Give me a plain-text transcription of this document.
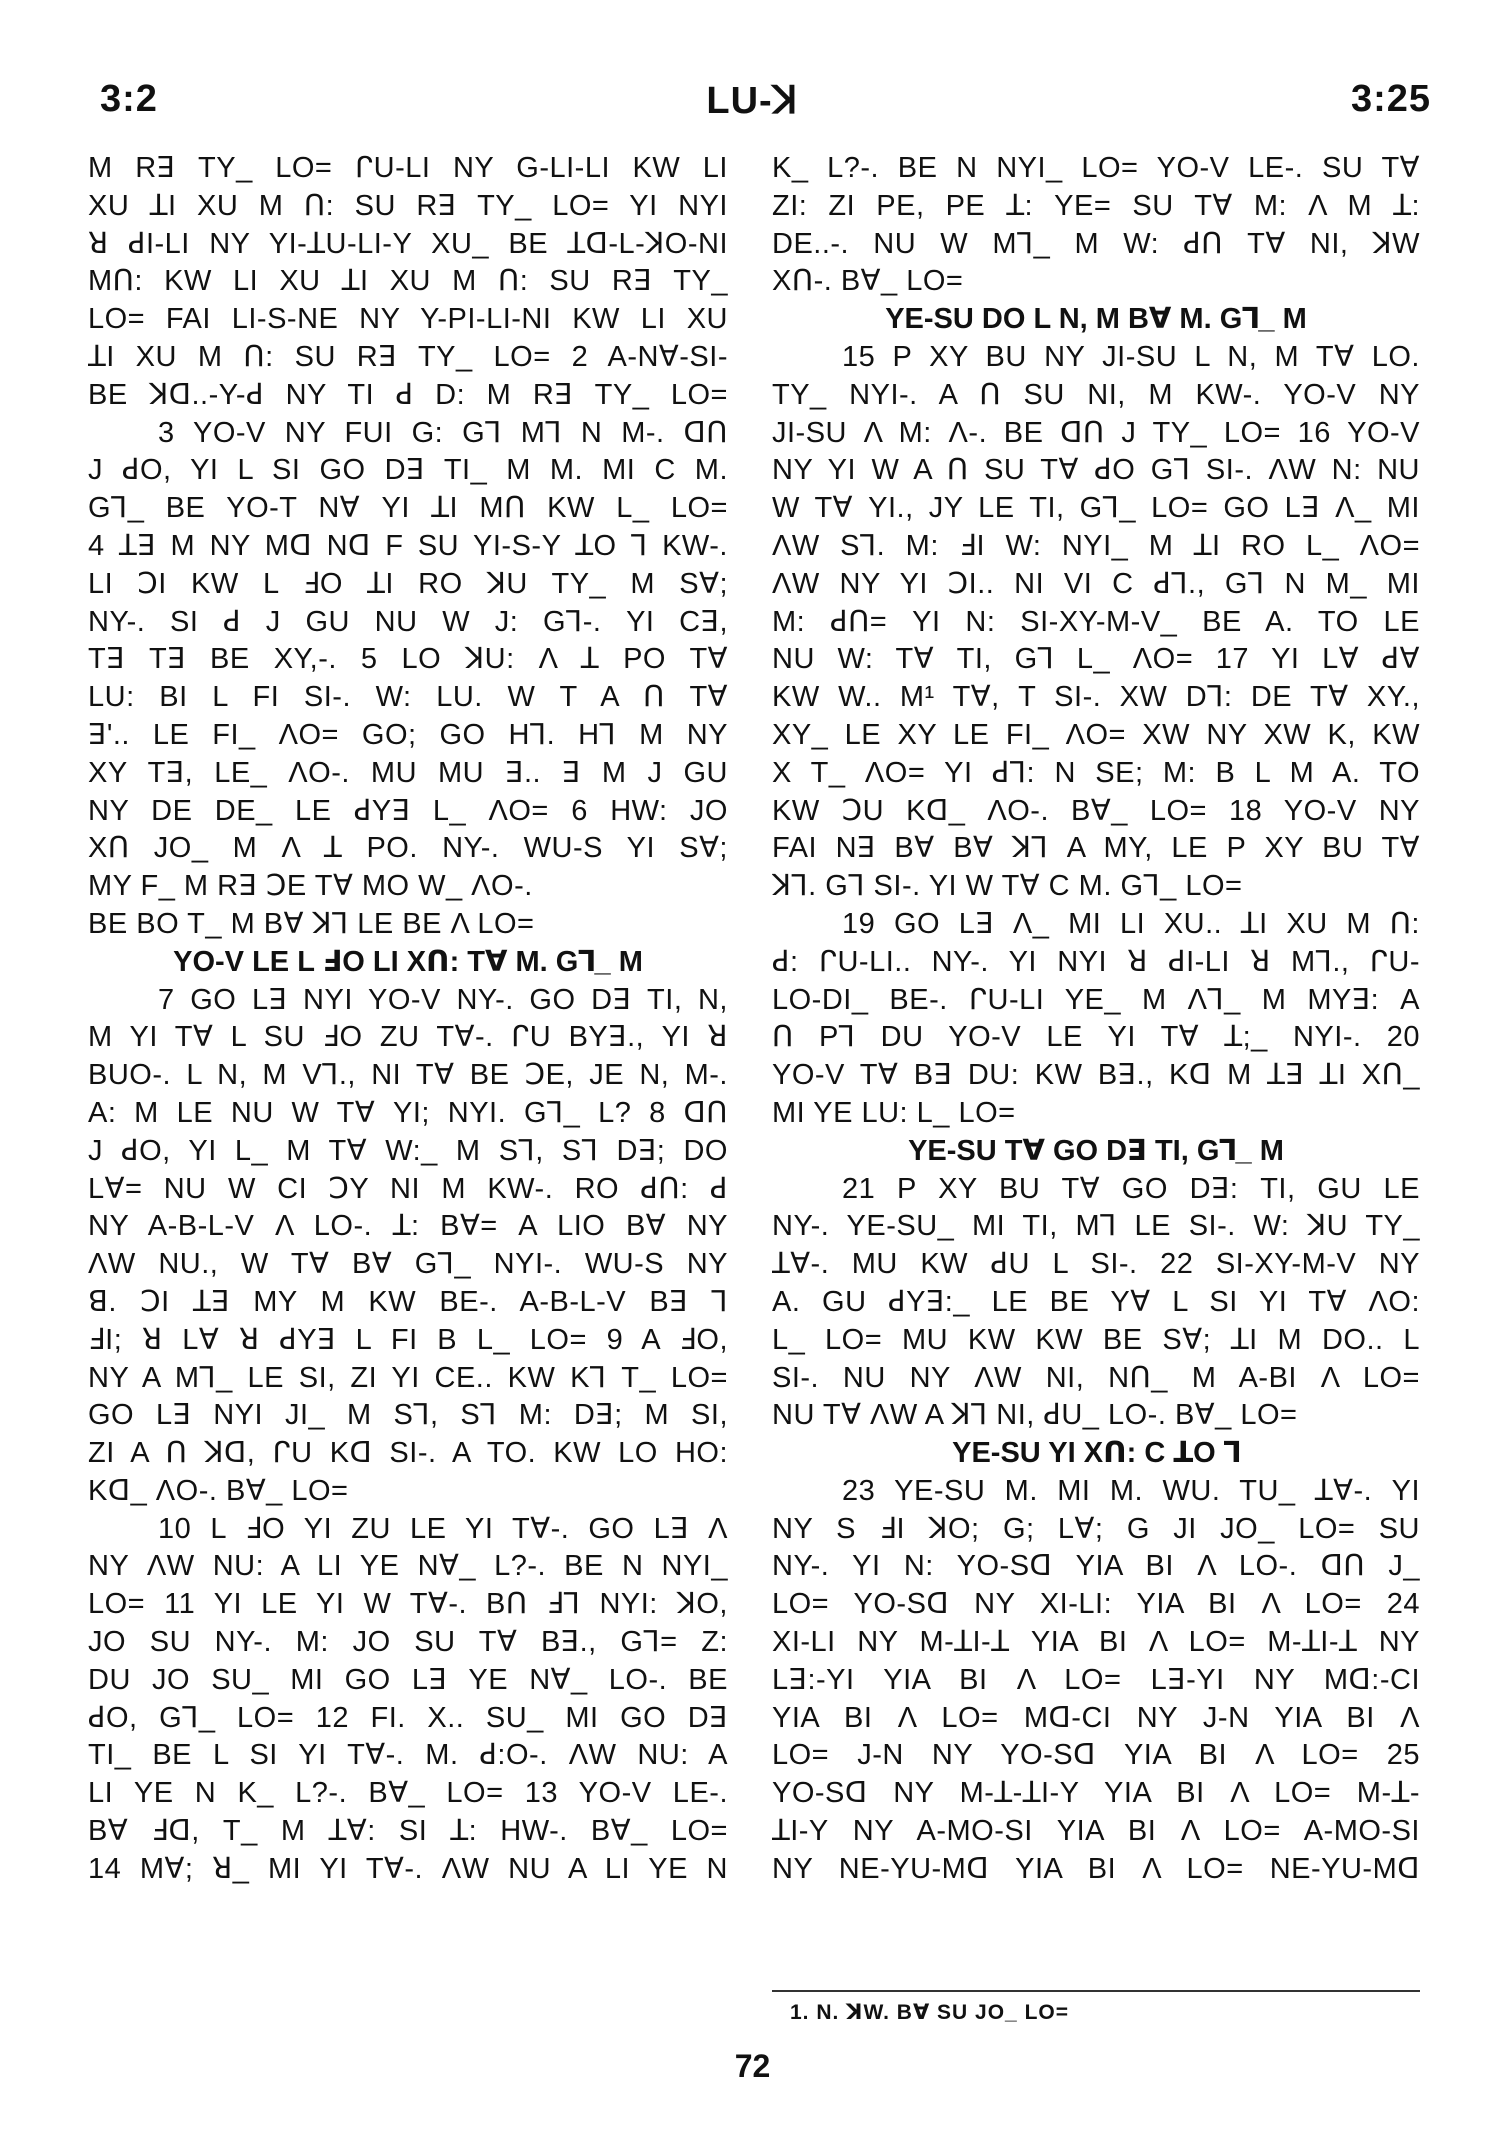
3:2	LU-ꓘ	3:25
M Rꓱ TY_ LO= ᒋU-LI NY G-LI-LI KW LI
XU ꓕI XU M ꓵ: SU Rꓱ TY_ LO= YI NYI
ꓤ ꓒI-LI NY YI-ꓕU-LI-Y XU_ BE ꓕꓷ-L-ꓘO-NI
Mꓵ: KW LI XU ꓕI XU M ꓵ: SU Rꓱ TY_
LO= FAI LI-S-NE NY Y-PI-LI-NI KW LI XU
ꓕI XU M ꓵ: SU Rꓱ TY_ LO= 2 A-Nꓯ-SI-
BE ꓘꓷ..-Y-ꓒ NY TI ꓒ D: M Rꓱ TY_ LO=
3 YO-V NY FUI G: Gꓶ Mꓶ N M-. ꓷꓵ
J ꓒO, YI L SI GO Dꓱ TI_ M M. MI C M.
Gꓶ_ BE YO-T Nꓯ YI ꓕI Mꓵ KW L_ LO=
4 ꓕꓱ M NY Mꓷ Nꓷ F SU YI-S-Y ꓕO ꓶ KW-.
LI ꓛI KW L ꓞO ꓕI RO ꓘU TY_ M Sꓯ;
NY-. SI ꓒ J GU NU W J: Gꓶ-. YI Cꓱ,
Tꓱ Tꓱ BE XY,-. 5 LO ꓘU: Λ ꓕ PO Tꓯ
LU: BI L FI SI-. W: LU. W T A ꓵ Tꓯ
ꓱ'.. LE FI_ ΛO= GO; GO Hꓶ. Hꓶ M NY
XY Tꓱ, LE_ ΛO-. MU MU ꓱ.. ꓱ M J GU
NY DE DE_ LE ꓒYꓱ L_ ΛO= 6 HW: JO
Xꓵ JO_ M Λ ꓕ PO. NY-. WU-S YI Sꓯ;
MY F_ M Rꓱ ꓛE Tꓯ MO W_ ΛO-.
BE BO T_ M Bꓯ ꓘꓶ LE BE Λ LO=
YO-V LE L ꓞO LI Xꓵ: Tꓯ M. Gꓶ_ M
7 GO Lꓱ NYI YO-V NY-. GO Dꓱ TI, N,
M YI Tꓯ L SU ꓞO ZU Tꓯ-. ᒋU BYꓱ., YI ꓤ
BUO-. L N, M Vꓶ., NI Tꓯ BE ꓛE, JE N, M-.
A: M LE NU W Tꓯ YI; NYI. Gꓶ_ L? 8 ꓷꓵ
J ꓒO, YI L_ M Tꓯ W:_ M Sꓶ, Sꓶ Dꓱ; DO
Lꓯ= NU W CI ꓛY NI M KW-. RO ꓒꓵ: ꓒ
NY A-B-L-V Λ LO-. ꓕ: Bꓯ= A LIO Bꓯ NY
ΛW NU., W Tꓯ Bꓯ Gꓶ_ NYI-. WU-S NY
ꓭ. ꓛI ꓕꓱ MY M KW BE-. A-B-L-V Bꓱ ꓶ
ꓞI; ꓤ Lꓯ ꓤ ꓒYꓱ L FI B L_ LO= 9 A ꓞO,
NY A Mꓶ_ LE SI, ZI YI CE.. KW Kꓶ T_ LO=
GO Lꓱ NYI JI_ M Sꓶ, Sꓶ M: Dꓱ; M SI,
ZI A ꓵ ꓘꓷ, ᒋU Kꓷ SI-. A TO. KW LO HO:
Kꓷ_ ΛO-. Bꓯ_ LO=
10 L ꓞO YI ZU LE YI Tꓯ-. GO Lꓱ Λ
NY ΛW NU: A LI YE Nꓯ_ L?-. BE N NYI_
LO= 11 YI LE YI W Tꓯ-. Bꓵ ꓞꓶ NYI: ꓘO,
JO SU NY-. M: JO SU Tꓯ Bꓱ., Gꓶ= Z:
DU JO SU_ MI GO Lꓱ YE Nꓯ_ LO-. BE
ꓒO, Gꓶ_ LO= 12 FI. X.. SU_ MI GO Dꓱ
TI_ BE L SI YI Tꓯ-. M. ꓒ:O-. ΛW NU: A
LI YE N K_ L?-. Bꓯ_ LO= 13 YO-V LE-.
Bꓯ ꓞꓷ, T_ M ꓕꓯ: SI ꓕ: HW-. Bꓯ_ LO=
14 Mꓯ; ꓤ_ MI YI Tꓯ-. ΛW NU A LI YE N
K_ L?-. BE N NYI_ LO= YO-V LE-. SU Tꓯ
ZI: ZI PE, PE ꓕ: YE= SU Tꓯ M: Λ M ꓕ:
DE..-. NU W Mꓶ_ M W: ꓒꓵ Tꓯ NI, ꓘW
Xꓵ-. Bꓯ_ LO=
YE-SU DO L N, M Bꓯ M. Gꓶ_ M
15 P XY BU NY JI-SU L N, M Tꓯ LO.
TY_ NYI-. A ꓵ SU NI, M KW-. YO-V NY
JI-SU Λ M: Λ-. BE ꓷꓵ J TY_ LO= 16 YO-V
NY YI W A ꓵ SU Tꓯ ꓒO Gꓶ SI-. ΛW N: NU
W Tꓯ YI., JY LE TI, Gꓶ_ LO= GO Lꓱ Λ_ MI
ΛW Sꓶ. M: ꓞI W: NYI_ M ꓕI RO L_ ΛO=
ΛW NY YI ꓛI.. NI VI C ꓒꓶ., Gꓶ N M_ MI
M: ꓒꓵ= YI N: SI-XY-M-V_ BE A. TO LE
NU W: Tꓯ TI, Gꓶ L_ ΛO= 17 YI Lꓯ ꓒꓯ
KW W.. M¹ Tꓯ, T SI-. XW Dꓶ: DE Tꓯ XY.,
XY_ LE XY LE FI_ ΛO= XW NY XW K, KW
X T_ ΛO= YI ꓒꓶ: N SE; M: B L M A. TO
KW ꓛU Kꓷ_ ΛO-. Bꓯ_ LO= 18 YO-V NY
FAI Nꓱ Bꓯ Bꓯ ꓘꓶ A MY, LE P XY BU Tꓯ
ꓘꓶ. Gꓶ SI-. YI W Tꓯ C M. Gꓶ_ LO=
19 GO Lꓱ Λ_ MI LI XU.. ꓕI XU M ꓵ:
ꓒ: ᒋU-LI.. NY-. YI NYI ꓤ ꓒI-LI ꓤ Mꓶ., ᒋU-
LO-DI_ BE-. ᒋU-LI YE_ M Λꓶ_ M MYꓱ: A
ꓵ Pꓶ DU YO-V LE YI Tꓯ ꓕ;_ NYI-. 20
YO-V Tꓯ Bꓱ DU: KW Bꓱ., Kꓷ M ꓕꓱ ꓕI Xꓵ_
MI YE LU: L_ LO=
YE-SU Tꓯ GO Dꓱ TI, Gꓶ_ M
21 P XY BU Tꓯ GO Dꓱ: TI, GU LE
NY-. YE-SU_ MI TI, Mꓶ LE SI-. W: ꓘU TY_
ꓕꓯ-. MU KW ꓒU L SI-. 22 SI-XY-M-V NY
A. GU ꓒYꓱ:_ LE BE Yꓯ L SI YI Tꓯ ΛO:
L_ LO= MU KW KW BE Sꓯ; ꓕI M DO.. L
SI-. NU NY ΛW NI, Nꓵ_ M A-BI Λ LO=
NU Tꓯ ΛW A ꓘꓶ NI, ꓒU_ LO-. Bꓯ_ LO=
YE-SU YI Xꓵ: C ꓕO ꓶ
23 YE-SU M. MI M. WU. TU_ ꓕꓯ-. YI
NY S ꓞI ꓘO; G; Lꓯ; G JI JO_ LO= SU
NY-. YI N: YO-Sꓷ YIA BI Λ LO-. ꓷꓵ J_
LO= YO-Sꓷ NY XI-LI: YIA BI Λ LO= 24
XI-LI NY M-ꓕI-ꓕ YIA BI Λ LO= M-ꓕI-ꓕ NY
Lꓱ:-YI YIA BI Λ LO= Lꓱ-YI NY Mꓷ:-CI
YIA BI Λ LO= Mꓷ-CI NY J-N YIA BI Λ
LO= J-N NY YO-Sꓷ YIA BI Λ LO= 25
YO-Sꓷ NY M-ꓕ-ꓕI-Y YIA BI Λ LO= M-ꓕ-
ꓕI-Y NY A-MO-SI YIA BI Λ LO= A-MO-SI
NY NE-YU-Mꓷ YIA BI Λ LO= NE-YU-Mꓷ
1. N. ꓘW. Bꓯ SU JO_ LO=
72
